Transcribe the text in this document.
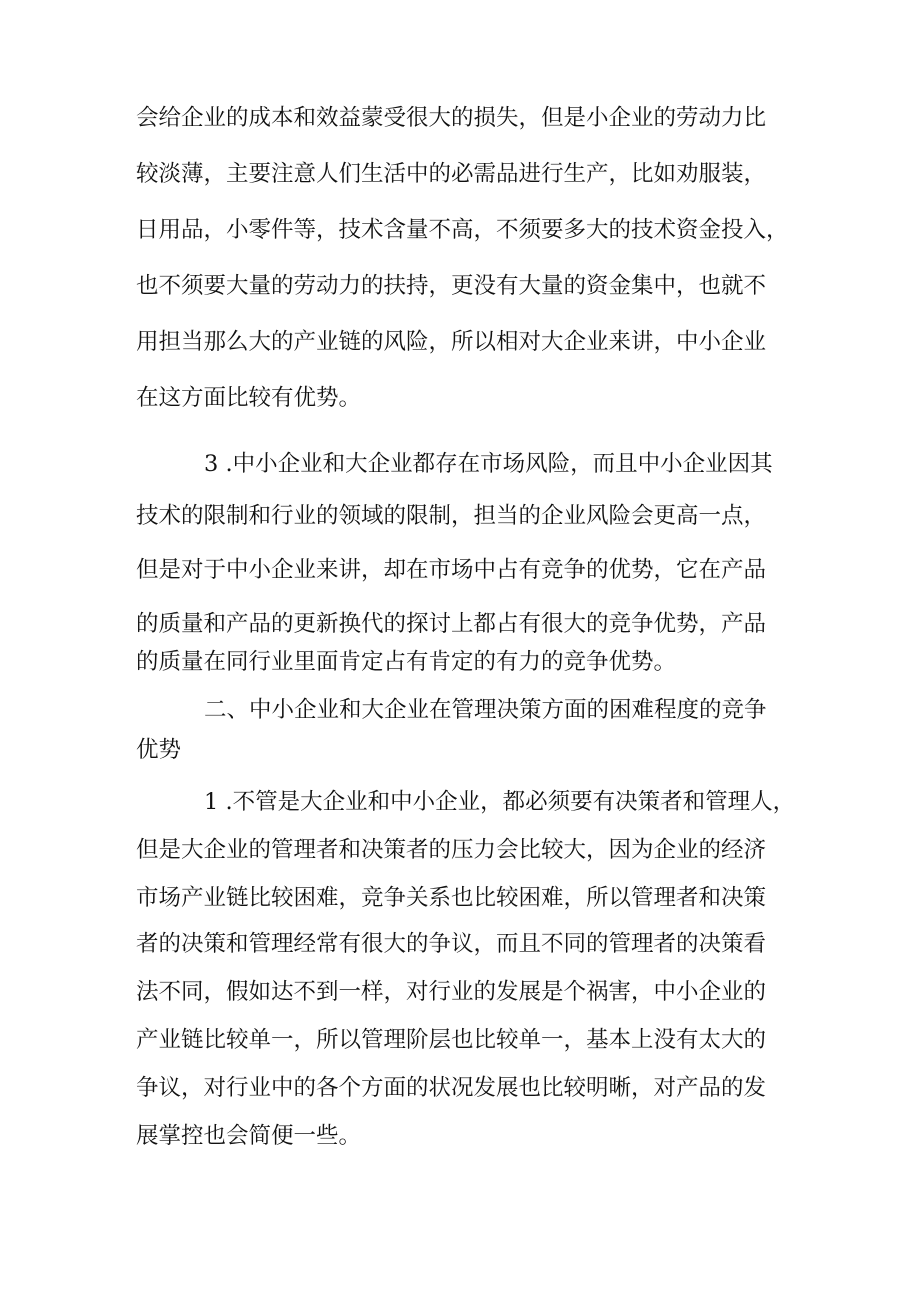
会给企业的成本和效益蒙受很大的损失，但是小企业的劳动力比
较淡薄，主要注意人们生活中的必需品进行生产，比如劝服装，
日用品，小零件等，技术含量不高，不须要多大的技术资金投入，
也不须要大量的劳动力的扶持，更没有大量的资金集中，也就不
用担当那么大的产业链的风险，所以相对大企业来讲，中小企业
在这方面比较有优势。
3 .中小企业和大企业都存在市场风险，而且中小企业因其
技术的限制和行业的领域的限制，担当的企业风险会更高一点，
但是对于中小企业来讲，却在市场中占有竞争的优势，它在产品
的质量和产品的更新换代的探讨上都占有很大的竞争优势，产品
的质量在同行业里面肯定占有肯定的有力的竞争优势。
二、中小企业和大企业在管理决策方面的困难程度的竞争
优势
1 .不管是大企业和中小企业，都必须要有决策者和管理人，
但是大企业的管理者和决策者的压力会比较大，因为企业的经济
市场产业链比较困难，竞争关系也比较困难，所以管理者和决策
者的决策和管理经常有很大的争议，而且不同的管理者的决策看
法不同，假如达不到一样，对行业的发展是个祸害，中小企业的
产业链比较单一，所以管理阶层也比较单一，基本上没有太大的
争议，对行业中的各个方面的状况发展也比较明晰，对产品的发
展掌控也会简便一些。
